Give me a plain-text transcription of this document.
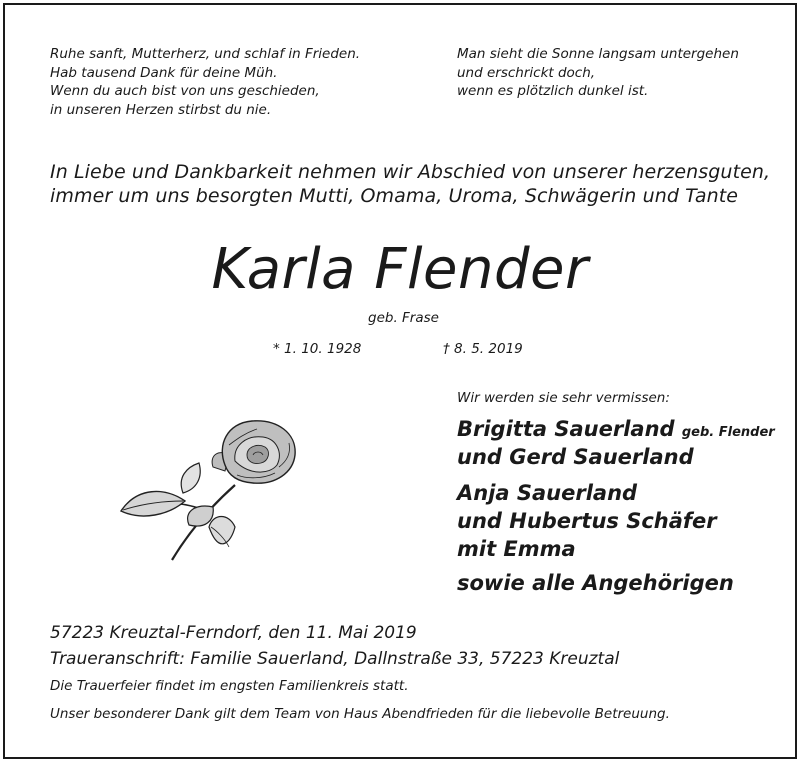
Ruhe sanft, Mutterherz, und schlaf in Frieden.
Hab tausend Dank für deine Müh.
Wenn du auch bist von uns geschieden,
in unseren Herzen stirbst du nie.
Man sieht die Sonne langsam untergehen
und erschrickt doch,
wenn es plötzlich dunkel ist.
In Liebe und Dankbarkeit nehmen wir Abschied von unserer herzensguten,
immer um uns besorgten Mutti, Omama, Uroma, Schwägerin und Tante
Karla Flender
geb. Frase
* 1. 10. 1928	† 8. 5. 2019
Wir werden sie sehr vermissen:
Brigitta Sauerland geb. Flender
und Gerd Sauerland
Anja Sauerland
und Hubertus Schäfer
mit Emma
sowie alle Angehörigen
57223 Kreuztal-Ferndorf, den 11. Mai 2019
Traueranschrift: Familie Sauerland, Dallnstraße 33, 57223 Kreuztal
Die Trauerfeier findet im engsten Familienkreis statt.
Unser besonderer Dank gilt dem Team von Haus Abendfrieden für die liebevolle Betreuung.
